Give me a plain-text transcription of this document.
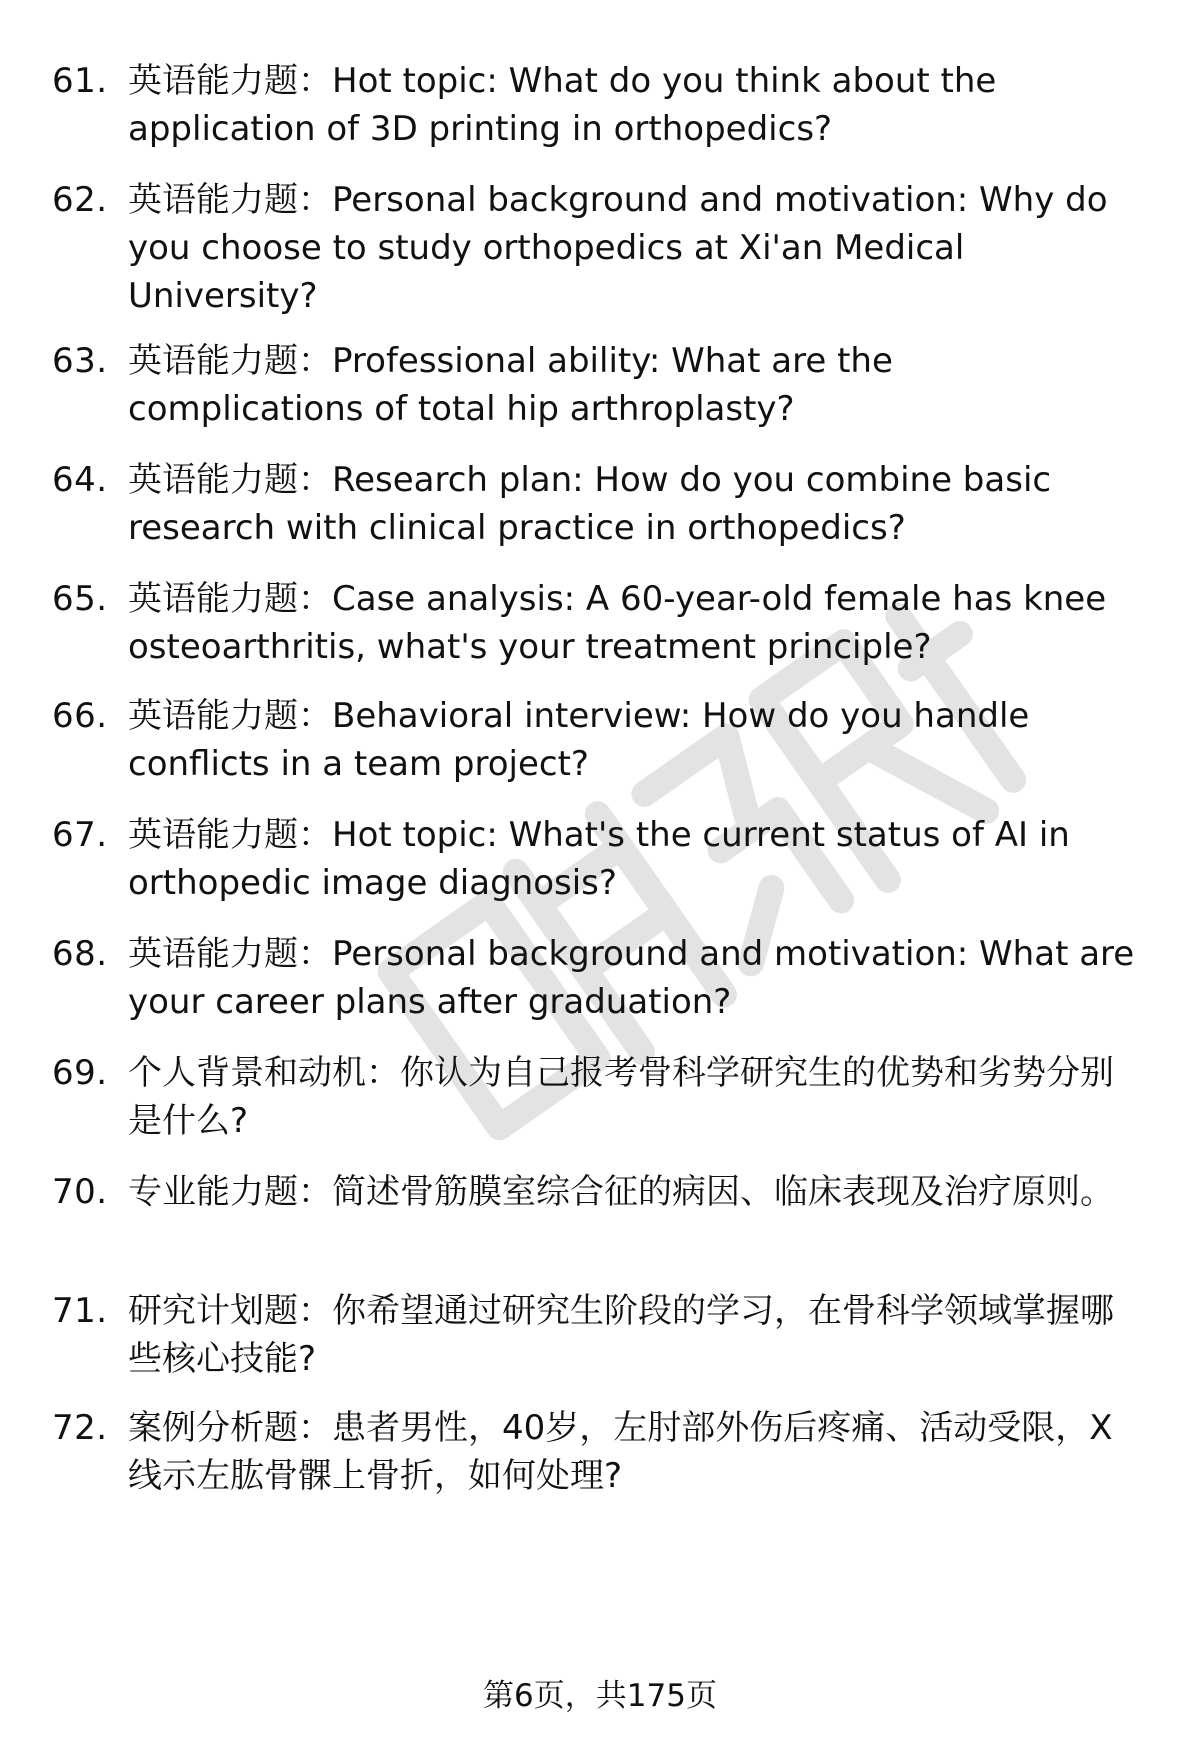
61. 英语能力题：Hot topic: What do you think about the application of 3D printing in orthopedics?
62. 英语能力题：Personal background and motivation: Why do you choose to study orthopedics at Xi'an Medical University?
63. 英语能力题：Professional ability: What are the complications of total hip arthroplasty?
64. 英语能力题：Research plan: How do you combine basic research with clinical practice in orthopedics?
65. 英语能力题：Case analysis: A 60-year-old female has knee osteoarthritis, what's your treatment principle?
66. 英语能力题：Behavioral interview: How do you handle conflicts in a team project?
67. 英语能力题：Hot topic: What's the current status of AI in orthopedic image diagnosis?
68. 英语能力题：Personal background and motivation: What are your career plans after graduation?
69. 个人背景和动机：你认为自己报考骨科学研究生的优势和劣势分别是什么?
70. 专业能力题：简述骨筋膜室综合征的病因、临床表现及治疗原则。
71. 研究计划题：你希望通过研究生阶段的学习，在骨科学领域掌握哪些核心技能?
72. 案例分析题：患者男性，40岁，左肘部外伤后疼痛、活动受限，X线示左肱骨髁上骨折，如何处理?
第6页，共175页
